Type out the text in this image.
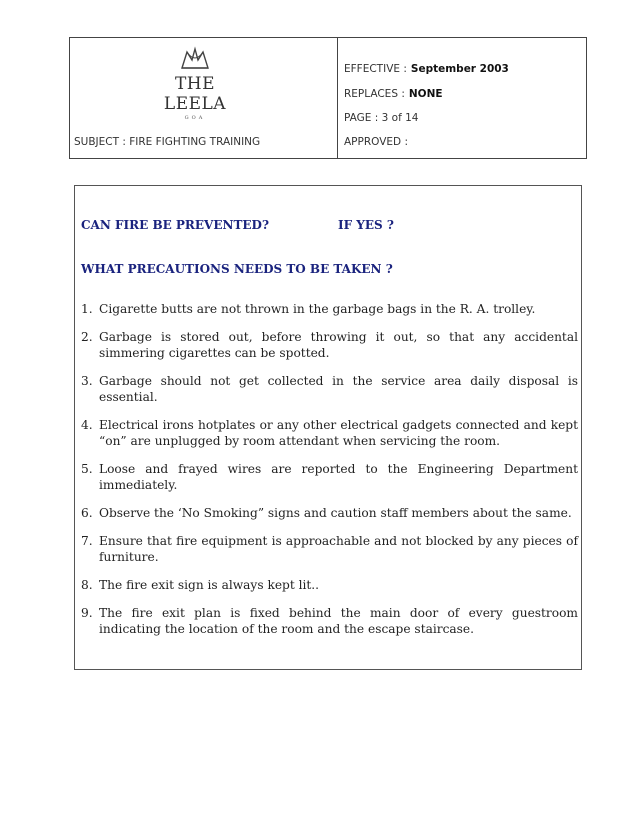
THE LEELA
GOA
SUBJECT : FIRE FIGHTING TRAINING
EFFECTIVE : September 2003
REPLACES : NONE
PAGE : 3 of 14
APPROVED :
CAN FIRE BE PREVENTED?	IF YES ?
WHAT PRECAUTIONS NEEDS TO BE TAKEN ?
1. Cigarette butts are not thrown in the garbage bags in the R. A. trolley.
2. Garbage is stored out, before throwing it out, so that any accidental simmering cigarettes can be spotted.
3. Garbage should not get collected in the service area daily disposal is essential.
4. Electrical irons hotplates or any other electrical gadgets connected and kept “on” are unplugged by room attendant when servicing the room.
5. Loose and frayed wires are reported to the Engineering Department immediately.
6. Observe the ‘No Smoking” signs and caution staff members about the same.
7. Ensure that fire equipment is approachable and not blocked by any pieces of furniture.
8. The fire exit sign is always kept lit..
9. The fire exit plan is fixed behind the main door of every guestroom indicating the location of the room and the escape staircase.
